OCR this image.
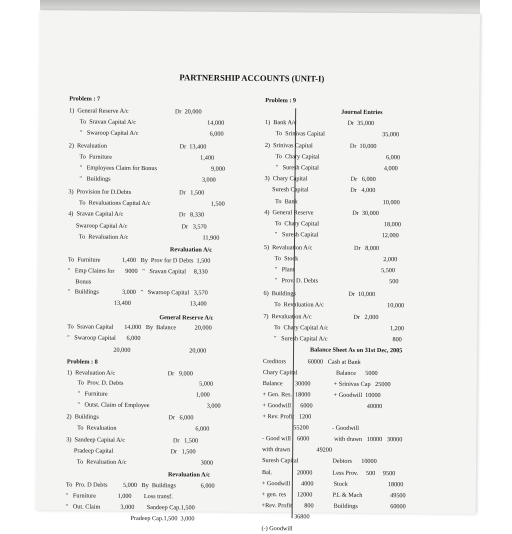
PARTNERSHIP ACCOUNTS (UNIT-I)
Problem : 7
1)  General Reserve A/c                              Dr  20,000
To  Sravan Capital A/c                                              14,000
"   Swaroop Capital A/c                                              6,000
2)  Revaluation                                               Dr  13,400
To  Furniture                                                         1,400
"   Employees Claim for Bonus                                   9,000
"   Buildings                                                           3,000
3)  Provision for D.Debts                               Dr   1,500
To  Revaluations Capital A/c                                       1,500
4)  Sravan Capital A/c                                    Dr   8,330
Swaroop Capital A/c                                   Dr   3,570
To  Revaluation A/c                                                11,900
Revaluation A/c
To  Furniture              1,400   By  Prov for D Debts  1,500
"   Emp Claims for       9000   "   Sravan Capital     8,330
Bonus
"   Buildings               3,000   "   Swaroop Capital   3,570
13,400                                      13,400
General Reserve A/c
To  Sravan Capital       14,000   By  Balance            20,000
"   Swaroop Capital       6,000
20,000                                      20,000
Problem : 8
1)  Revaluation A/c                                  Dr   9,000
To  Prov. D. Debts                                                 5,000
"   Furniture                                                         1,000
"   Outst. Claim of Employee                                     3,000
2)  Buildings                                             Dr   6,000
To  Revaluation                                                   6,000
3)  Sandeep Capital A/c                               Dr   1,500
Pradeep Capital                                     Dr   1,500
To  Revaluation A/c                                                3000
Revaluation A/c
To  Pro. D Debts          5,000   By  Buildings                6,000
"   Furniture              1,000        Loss transf.
"   Out. Claim             3,000        Sandeep Cap.1,500
Pradeep Cap.1,500  3,000
Problem : 9
Journal Entries
1)  Bank A/c                                 Dr  35,000
To  Srinivas Capital                                     35,000
2)  Srinivas Capital                        Dr  10,000
To  Chary Capital                                           6,000
"   Suresh Capital                                          4,000
3)  Chary Capital                            Dr   6,000
Suresh Capital                           Dr   4,000
To  Bank                                                       10,000
4)  General Reserve                         Dr  30,000
To  Chary Capital                                          18,000
"   Suresh Capital                                         12,000
5)  Revaluation A/c                           Dr   8,000
To  Stock                                                       2,000
"   Plant                                                        5,500
"   Prov. D. Debts                                              500
6)  Buildings                                  Dr  10,000
To  Revaluation A/c                                         10,000
7)  Revaluation A/c                           Dr   2,000
To  Chary Capital A/c                                        1,200
"   Suresh Capital A/c                                          800
Balance Sheet As on 31st Dec, 2005
Creditors              60000   Cash at Bank
Chary Capital                         Balance      5000
Balance        30000               + Srinivas Cap   25000
+ Gen. Res.  18000               + Goodwill  10000
+ Goodwill      6000                                   40000
+ Rev. Profit   1200
55200               - Goodwill
- Good will    6000                with drawn   10000   30000
with drawn                 49200
Suresh Capital                      Debtors      10000
Bal.                20000             Less Prov.     500     9500
+ Goodwill       4000             Stock                          18000
+ gen. res       12000             P.L & Mach                  49500
+Rev. Profit        800             Buildings                     60000
36800
(-) Goodwill
